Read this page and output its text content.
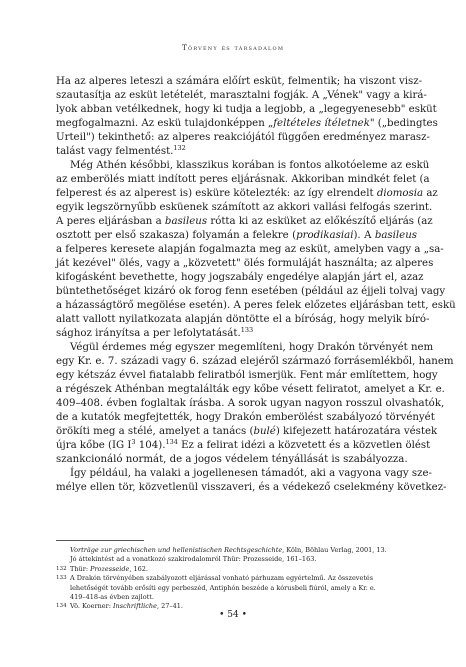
Törvény és társadalom
Ha az alperes leteszi a számára előírt esküt, felmentik; ha viszont visz-
szautasítja az esküt letételét, marasztalni fogják. A „Vének" vagy a kirá-
lyok abban vetélkednek, hogy ki tudja a legjobb, a „legegyenesebb" esküt
megfogalmazni. Az eskü tulajdonképpen „feltételes ítéletnek" („bedingtes
Urteil") tekinthető: az alperes reakciójától függően eredményez marasz-
talást vagy felmentést.$^{132}$
Még Athén későbbi, klasszikus korában is fontos alkotóeleme az eskü
az emberölés miatt indított peres eljárásnak. Akkoriban mindkét felet (a
felperest és az alperest is) esküre kötelezték: az így elrendelt diomosia az
egyik legszörnyűbb esküenek számított az akkori vallási felfogás szerint.
A peres eljárásban a basileus rótta ki az esküket az előkészítő eljárás (az
osztott per első szakasza) folyamán a felekre (prodikasiai). A basileus
a felperes keresete alapján fogalmazta meg az esküt, amelyben vagy a „sa-
ját kezével" ölés, vagy a „közvetett" ölés formuláját használta; az alperes
kifogásként bevethette, hogy jogszabály engedélye alapján járt el, azaz
büntethetőséget kizáró ok forog fenn esetében (például az éjjeli tolvaj vagy
a házasságtörő megölése esetén). A peres felek előzetes eljárásban tett, eskü
alatt vallott nyilatkozata alapján döntötte el a bíróság, hogy melyik bíró-
sághoz irányítsa a per lefolytatását.$^{133}$
Végül érdemes még egyszer megemlíteni, hogy Drakón törvényét nem
egy Kr. e. 7. századi vagy 6. század elejéről származó forrásemlékből, hanem
egy kétszáz évvel fiatalabb feliratból ismerjük. Fent már említettem, hogy
a régészek Athénban megtalálták egy kőbe vésett feliratot, amelyet a Kr. e.
409–408. évben foglaltak írásba. A sorok ugyan nagyon rosszul olvashatók,
de a kutatók megfejtették, hogy Drakón emberölést szabályozó törvényét
örökíti meg a stélé, amelyet a tanács (bulé) kifejezett határozatára véstek
újra kőbe (IG $I^3$ 104).$^{134}$ Ez a felirat idézi a közvetett és a közvetlen ölést
szankcionáló normát, de a jogos védelem tényállását is szabályozza.
Így például, ha valaki a jogellenesen támadót, aki a vagyona vagy sze-
mélye ellen tör, közvetlenül visszaveri, és a védekező cselekmény következ-
Vorträge zur griechischen und hellenistischen Rechtsgeschichte, Köln, Böhlau Verlag, 2001, 13.
Jó áttekintést ad a vonatkozó szakirodalomról Thür: Prozesseide, 161–163.
132 Thür: Prozesseide, 162.
133 A Drakón törvényében szabályozott eljárással vonható párhuzam egyértelmű. Az összevetés
lehetőségét tovább erősíti egy perbeszéd, Antiphón beszéde a kórusbeli fiúról, amely a Kr. e.
419–418-as évben zajlott.
134 Vö. Koerner: Inschriftliche, 27–41.
• 54 •
